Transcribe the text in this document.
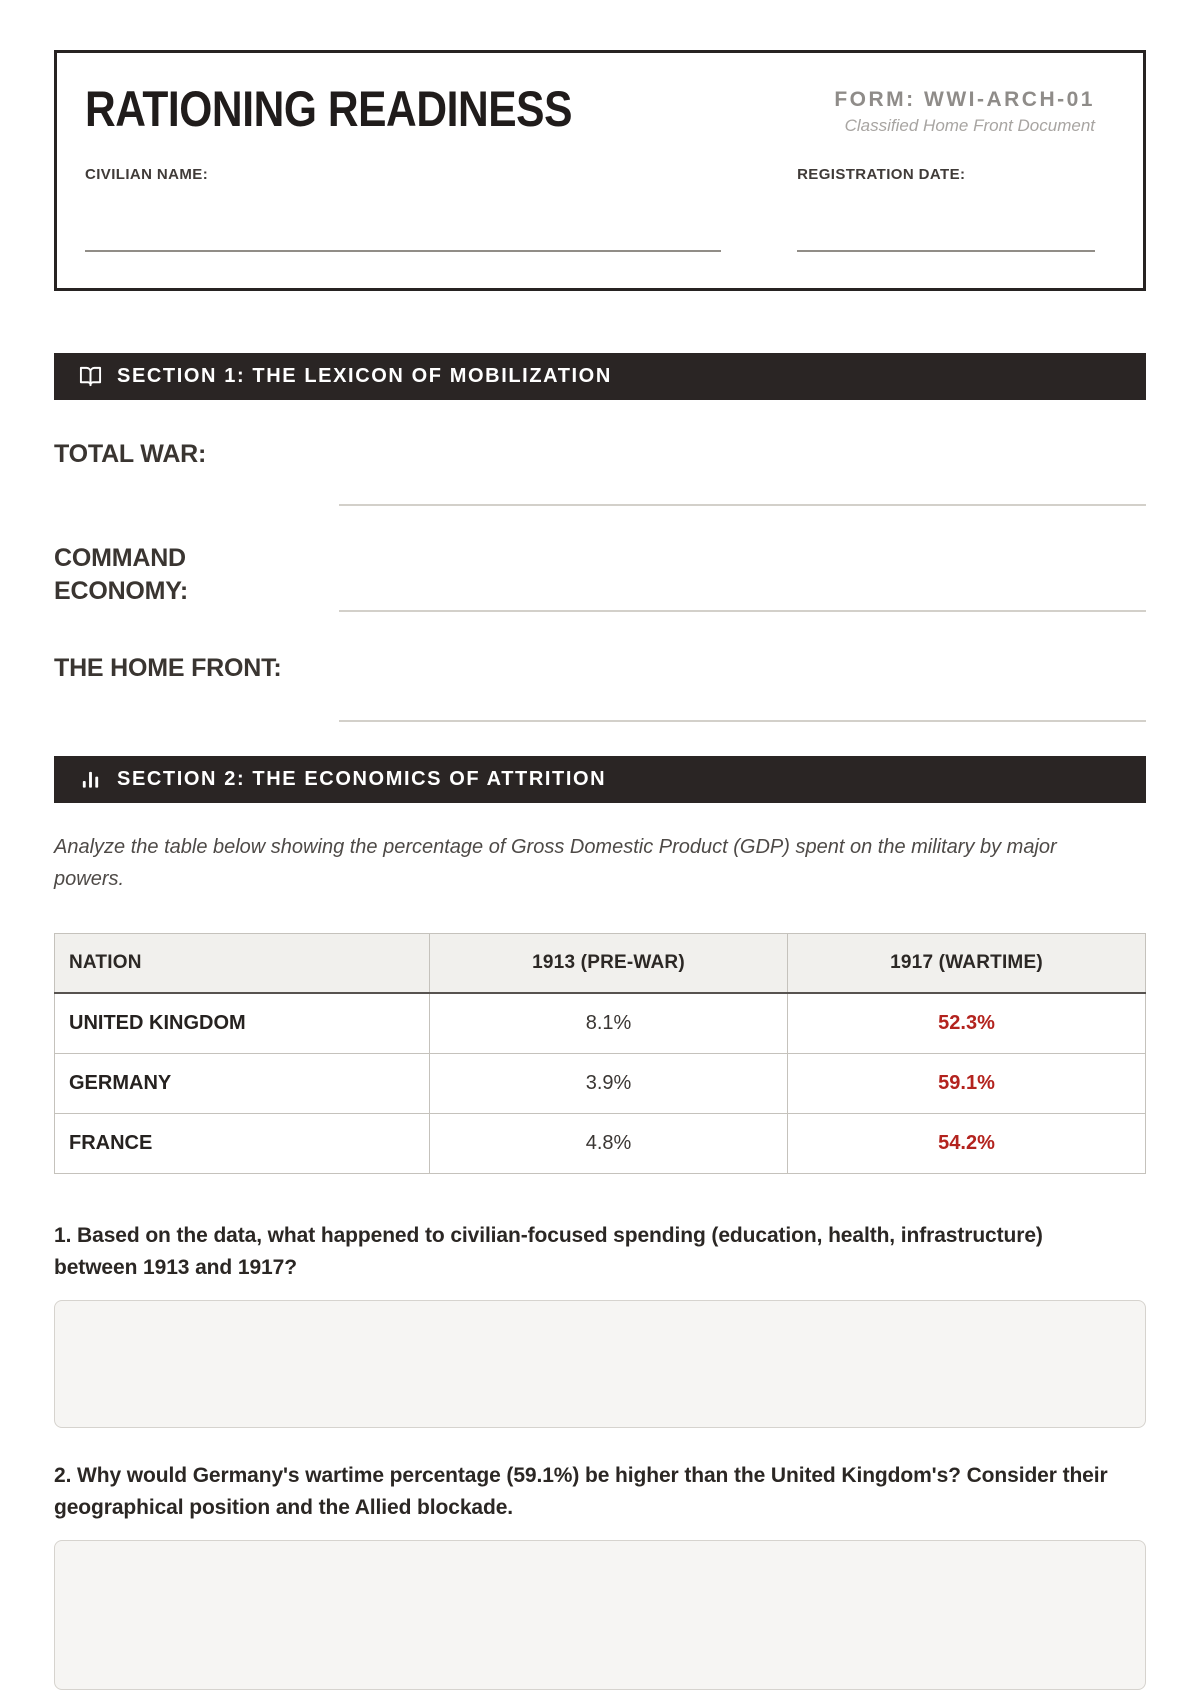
RATIONING READINESS	FORM: WWI-ARCH-01
Classified Home Front Document
CIVILIAN NAME:	REGISTRATION DATE:
SECTION 1: THE LEXICON OF MOBILIZATION
TOTAL WAR:
COMMAND ECONOMY:
THE HOME FRONT:
SECTION 2: THE ECONOMICS OF ATTRITION

Analyze the table below showing the percentage of Gross Domestic Product (GDP) spent on the military by major powers.

NATION	1913 (PRE-WAR)	1917 (WARTIME)
UNITED KINGDOM	8.1%	52.3%
GERMANY	3.9%	59.1%
FRANCE	4.8%	54.2%

1. Based on the data, what happened to civilian-focused spending (education, health, infrastructure) between 1913 and 1917?

2. Why would Germany's wartime percentage (59.1%) be higher than the United Kingdom's? Consider their geographical position and the Allied blockade.
